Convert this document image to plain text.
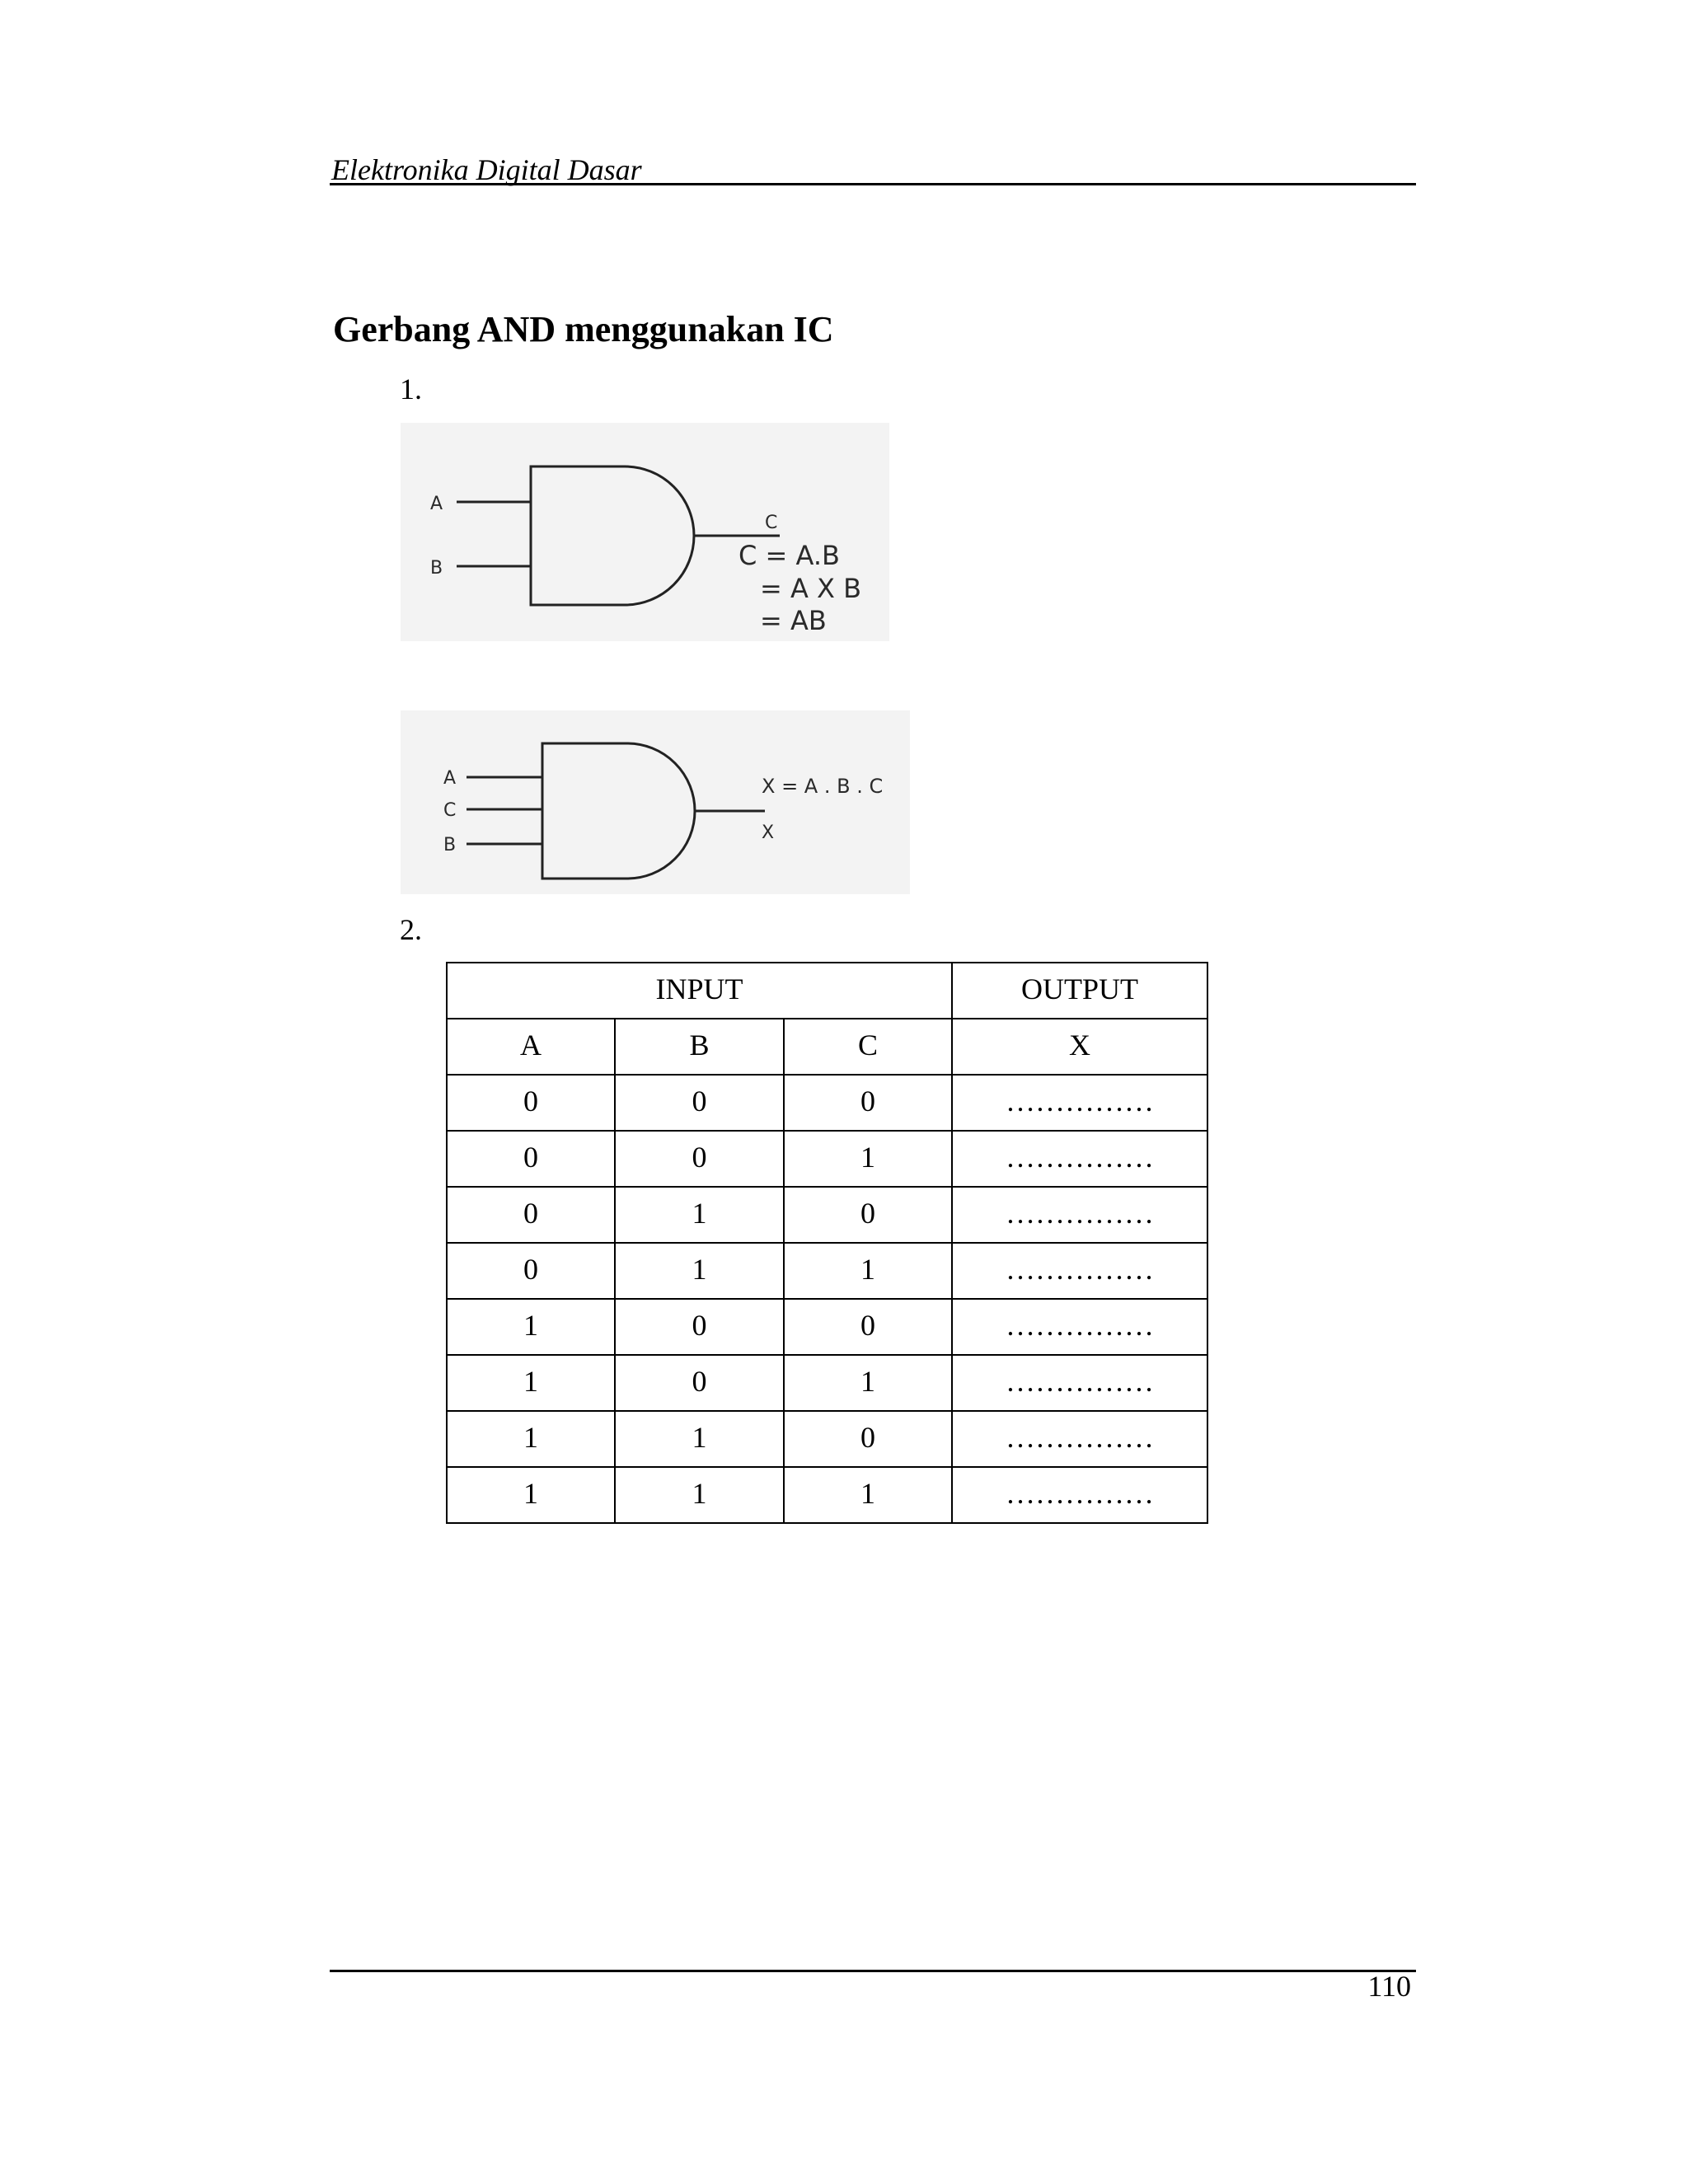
Elektronika Digital Dasar
Gerbang AND menggunakan IC
1.
A
B
C
C = A.B
= A X B
= AB
A
C
B
X = A . B . C
X
2.
INPUT			OUTPUT
A	B	C	X
0	0	0	……………
0	0	1	……………
0	1	0	……………
0	1	1	……………
1	0	0	……………
1	0	1	……………
1	1	0	……………
1	1	1	……………
110
